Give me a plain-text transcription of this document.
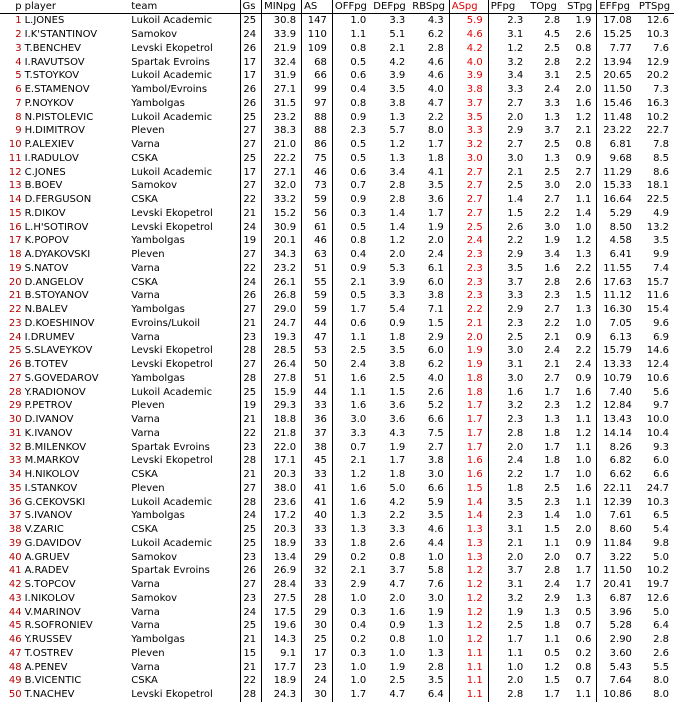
p	player	team	Gs	MINpg	AS	OFFpg	DEFpg	RBSpg	ASpg	PFpg	TOpg	STpg	EFFpg	PTSpg
1	L.JONES	Lukoil Academic	25	30.8	147	1.0	3.3	4.3	5.9	2.3	2.8	1.9	17.08	12.6
2	I.K'STANTINOV	Samokov	24	33.9	110	1.1	5.1	6.2	4.6	3.1	4.5	2.6	15.25	10.3
3	T.BENCHEV	Levski Ekopetrol	26	21.9	109	0.8	2.1	2.8	4.2	1.2	2.5	0.8	7.77	7.6
4	I.RAVUTSOV	Spartak Evroins	17	32.4	68	0.5	4.2	4.6	4.0	3.2	2.8	2.2	13.94	12.9
5	T.STOYKOV	Lukoil Academic	17	31.9	66	0.6	3.9	4.6	3.9	3.4	3.1	2.5	20.65	20.2
6	E.STAMENOV	Yambol/Evroins	26	27.1	99	0.4	3.5	4.0	3.8	3.3	2.4	2.0	11.50	7.3
7	P.NOYKOV	Yambolgas	26	31.5	97	0.8	3.8	4.7	3.7	2.7	3.3	1.6	15.46	16.3
8	N.PISTOLEVIC	Lukoil Academic	25	23.2	88	0.9	1.3	2.2	3.5	2.0	1.3	1.2	11.48	10.2
9	H.DIMITROV	Pleven	27	38.3	88	2.3	5.7	8.0	3.3	2.9	3.7	2.1	23.22	22.7
10	P.ALEXIEV	Varna	27	21.0	86	0.5	1.2	1.7	3.2	2.7	2.5	0.8	6.81	7.8
11	I.RADULOV	CSKA	25	22.2	75	0.5	1.3	1.8	3.0	3.0	1.3	0.9	9.68	8.5
12	C.JONES	Lukoil Academic	17	27.1	46	0.6	3.4	4.1	2.7	2.1	2.5	2.7	11.29	8.6
13	B.BOEV	Samokov	27	32.0	73	0.7	2.8	3.5	2.7	2.5	3.0	2.0	15.33	18.1
14	D.FERGUSON	CSKA	22	33.2	59	0.9	2.8	3.6	2.7	1.4	2.7	1.1	16.64	22.5
15	R.DIKOV	Levski Ekopetrol	21	15.2	56	0.3	1.4	1.7	2.7	1.5	2.2	1.4	5.29	4.9
16	L.H'SOTIROV	Levski Ekopetrol	24	30.9	61	0.5	1.4	1.9	2.5	2.6	3.0	1.0	8.50	13.2
17	K.POPOV	Yambolgas	19	20.1	46	0.8	1.2	2.0	2.4	2.2	1.9	1.2	4.58	3.5
18	A.DYAKOVSKI	Pleven	27	34.3	63	0.4	2.0	2.4	2.3	2.9	3.4	1.3	6.41	9.9
19	S.NATOV	Varna	22	23.2	51	0.9	5.3	6.1	2.3	3.5	1.6	2.2	11.55	7.4
20	D.ANGELOV	CSKA	24	26.1	55	2.1	3.9	6.0	2.3	3.7	2.8	2.6	17.63	15.7
21	B.STOYANOV	Varna	26	26.8	59	0.5	3.3	3.8	2.3	3.3	2.3	1.5	11.12	11.6
22	N.BALEV	Yambolgas	27	29.0	59	1.7	5.4	7.1	2.2	2.9	2.7	1.3	16.30	15.4
23	D.KOESHINOV	Evroins/Lukoil	21	24.7	44	0.6	0.9	1.5	2.1	2.3	2.2	1.0	7.05	9.6
24	I.DRUMEV	Varna	23	19.3	47	1.1	1.8	2.9	2.0	2.5	2.1	0.9	6.13	6.9
25	S.SLAVEYKOV	Levski Ekopetrol	28	28.5	53	2.5	3.5	6.0	1.9	3.0	2.4	2.2	15.79	14.6
26	B.TOTEV	Levski Ekopetrol	27	26.4	50	2.4	3.8	6.2	1.9	3.1	2.1	2.4	13.33	12.4
27	S.GOVEDAROV	Yambolgas	28	27.8	51	1.6	2.5	4.0	1.8	3.0	2.7	0.9	10.79	10.6
28	Y.RADIONOV	Lukoil Academic	25	15.9	44	1.1	1.5	2.6	1.8	1.6	1.7	1.6	7.40	5.6
29	P.PETROV	Pleven	19	29.3	33	1.6	3.6	5.2	1.7	3.2	2.3	1.2	12.84	9.7
30	D.IVANOV	Varna	21	18.8	36	3.0	3.6	6.6	1.7	2.3	1.3	1.1	13.43	10.0
31	K.IVANOV	Varna	22	21.8	37	3.3	4.3	7.5	1.7	2.8	1.8	1.2	14.14	10.4
32	B.MILENKOV	Spartak Evroins	23	22.0	38	0.7	1.9	2.7	1.7	2.0	1.7	1.1	8.26	9.3
33	M.MARKOV	Levski Ekopetrol	28	17.1	45	2.1	1.7	3.8	1.6	2.4	1.8	1.0	6.82	6.0
34	H.NIKOLOV	CSKA	21	20.3	33	1.2	1.8	3.0	1.6	2.2	1.7	1.0	6.62	6.6
35	I.STANKOV	Pleven	27	38.0	41	1.6	5.0	6.6	1.5	1.8	2.5	1.6	22.11	24.7
36	G.CEKOVSKI	Lukoil Academic	28	23.6	41	1.6	4.2	5.9	1.4	3.5	2.3	1.1	12.39	10.3
37	S.IVANOV	Yambolgas	24	17.2	40	1.3	2.2	3.5	1.4	2.3	1.4	1.0	7.61	6.5
38	V.ZARIC	CSKA	25	20.3	33	1.3	3.3	4.6	1.3	3.1	1.5	2.0	8.60	5.4
39	G.DAVIDOV	Lukoil Academic	25	18.9	33	1.8	2.6	4.4	1.3	2.1	1.1	0.9	11.84	9.8
40	A.GRUEV	Samokov	23	13.4	29	0.2	0.8	1.0	1.3	2.0	2.0	0.7	3.22	5.0
41	A.RADEV	Spartak Evroins	26	26.9	32	2.1	3.7	5.8	1.2	3.7	2.8	1.7	11.50	10.2
42	S.TOPCOV	Varna	27	28.4	33	2.9	4.7	7.6	1.2	3.1	2.4	1.7	20.41	19.7
43	I.NIKOLOV	Samokov	23	27.5	28	1.0	2.0	3.0	1.2	3.2	2.9	1.3	6.87	12.6
44	V.MARINOV	Varna	24	17.5	29	0.3	1.6	1.9	1.2	1.9	1.3	0.5	3.96	5.0
45	R.SOFRONIEV	Varna	25	19.6	30	0.4	0.9	1.3	1.2	2.5	1.8	0.7	5.28	6.4
46	Y.RUSSEV	Yambolgas	21	14.3	25	0.2	0.8	1.0	1.2	1.7	1.1	0.6	2.90	2.8
47	T.OSTREV	Pleven	15	9.1	17	0.3	1.0	1.3	1.1	1.1	0.5	0.2	3.60	2.6
48	A.PENEV	Varna	21	17.7	23	1.0	1.9	2.8	1.1	1.0	1.2	0.8	5.43	5.5
49	B.VICENTIC	CSKA	22	18.9	24	1.0	2.5	3.5	1.1	2.0	1.5	0.7	7.64	8.0
50	T.NACHEV	Levski Ekopetrol	28	24.3	30	1.7	4.7	6.4	1.1	2.8	1.7	1.1	10.86	8.0
